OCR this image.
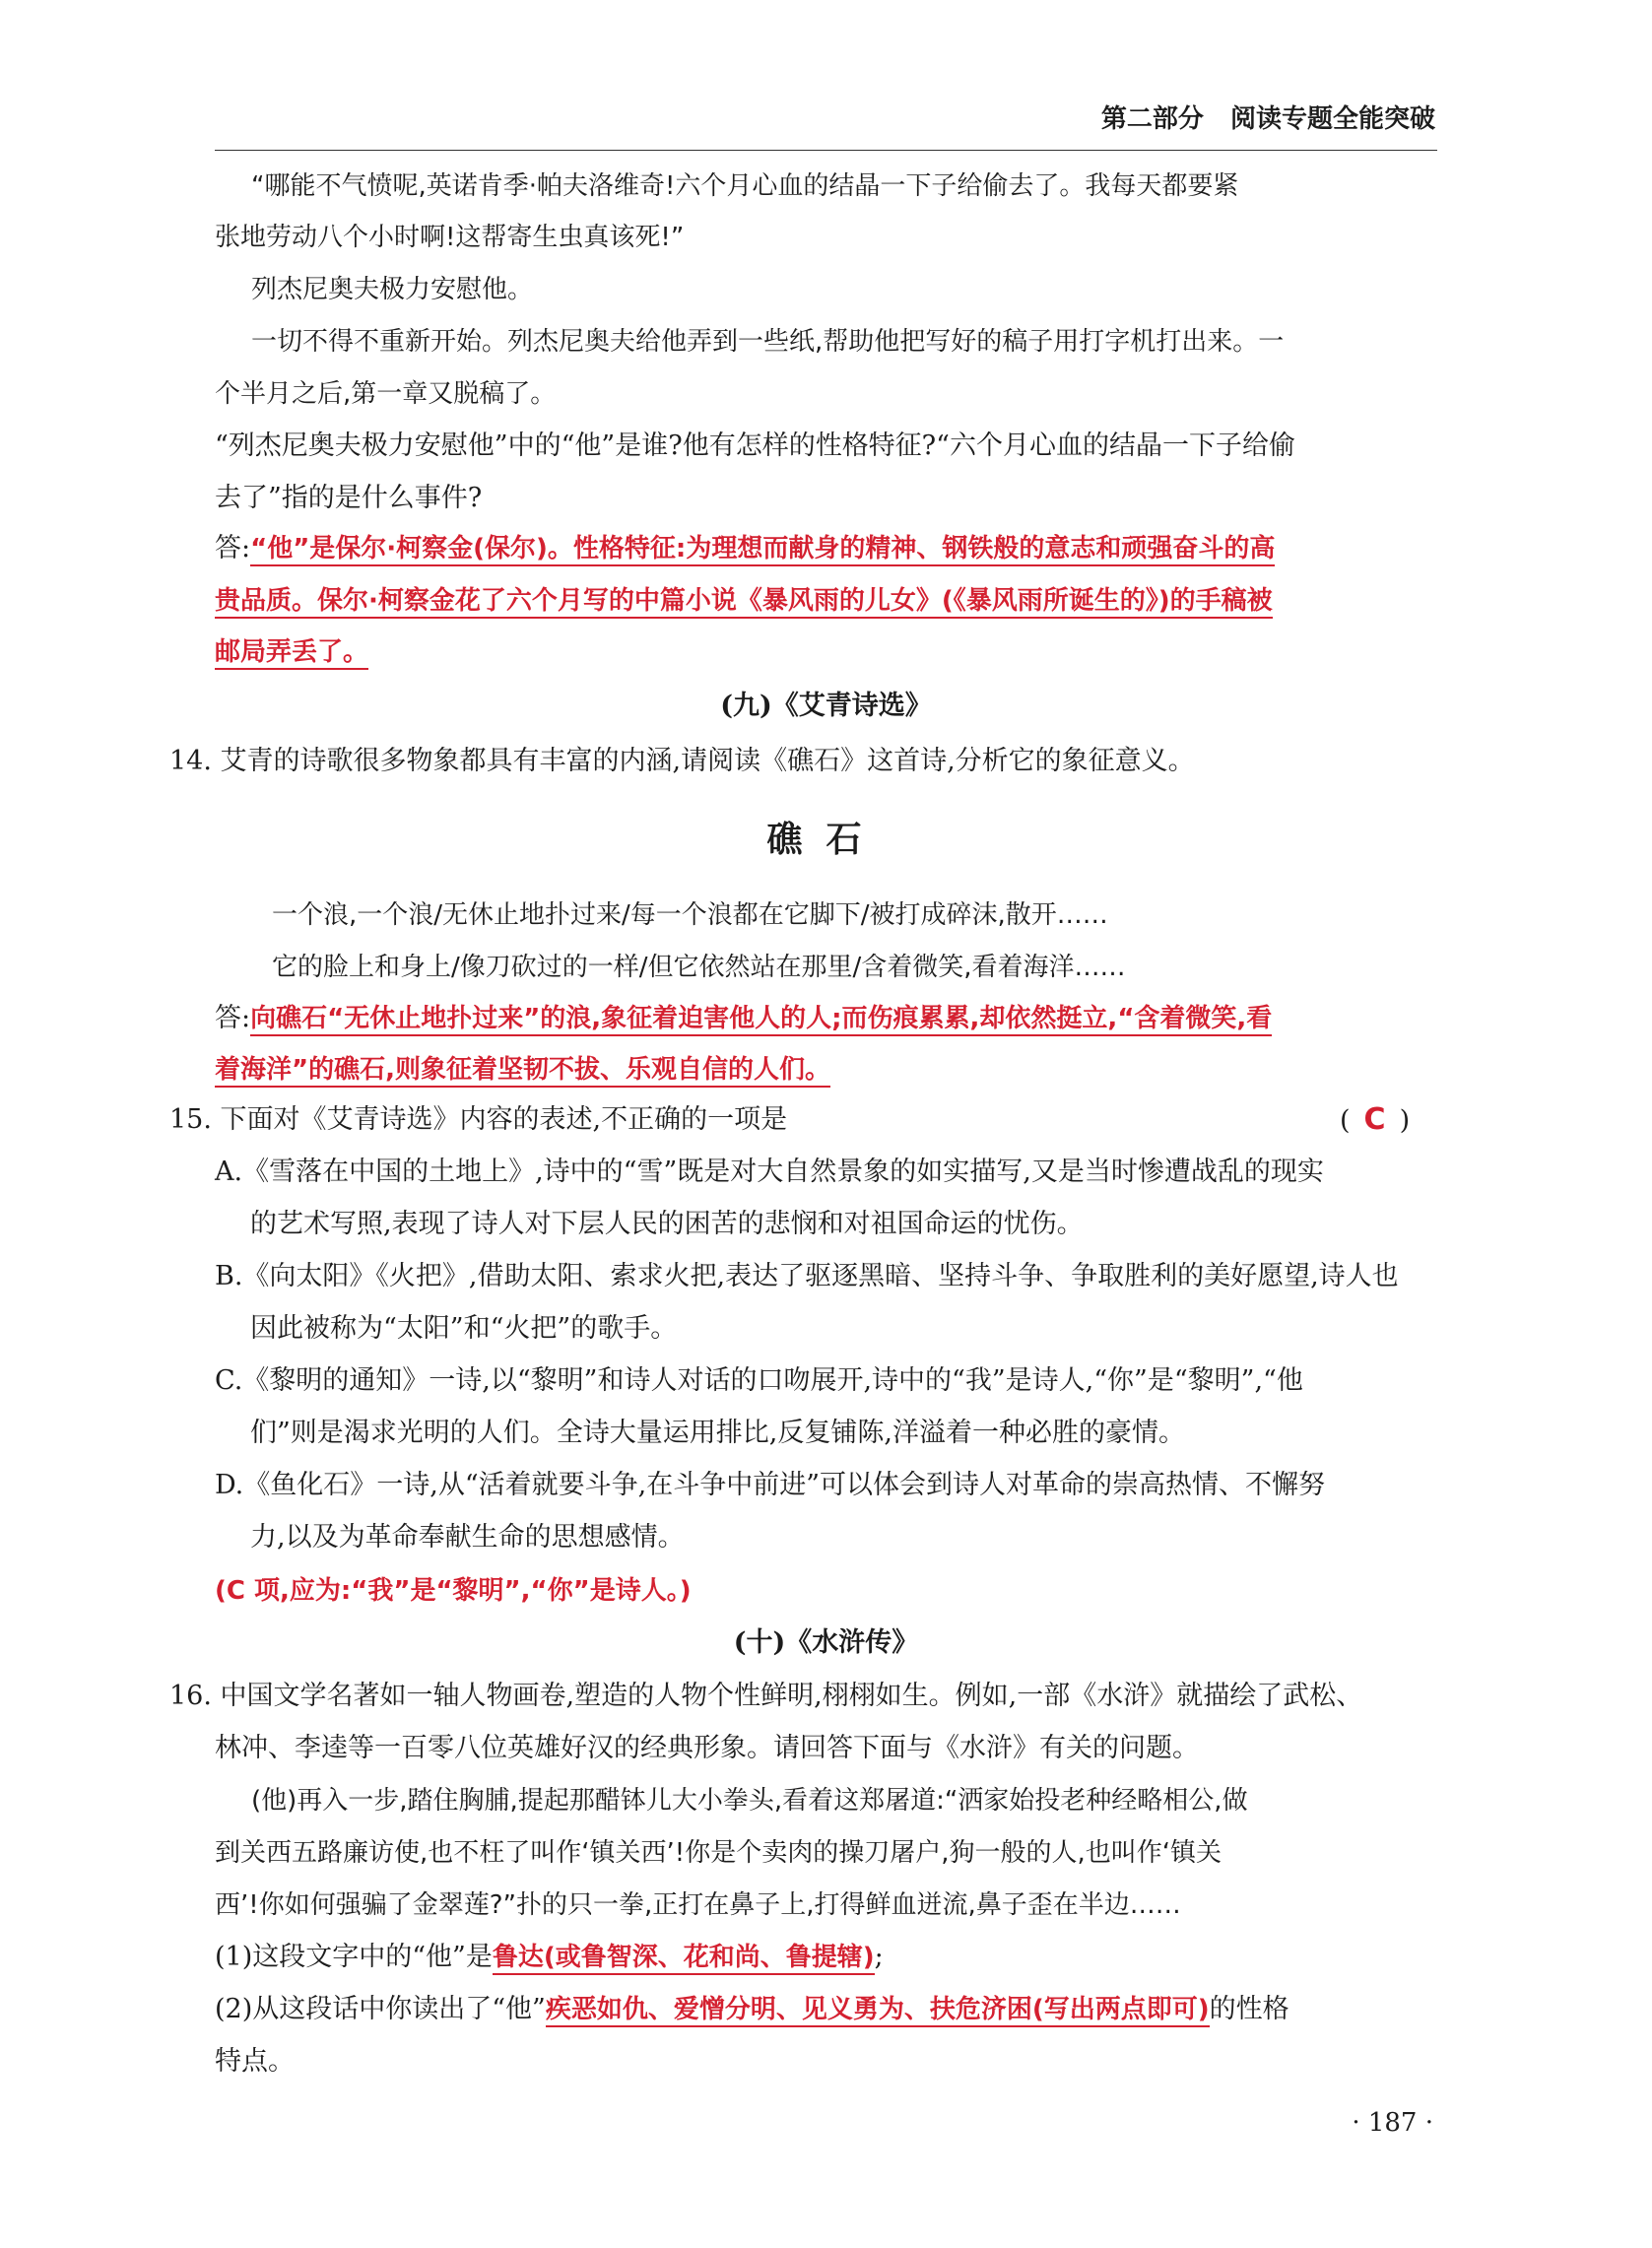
第二部分 阅读专题全能突破
“哪能不气愤呢,英诺肯季·帕夫洛维奇!六个月心血的结晶一下子给偷去了。我每天都要紧
张地劳动八个小时啊!这帮寄生虫真该死!”
列杰尼奥夫极力安慰他。
一切不得不重新开始。列杰尼奥夫给他弄到一些纸,帮助他把写好的稿子用打字机打出来。一
个半月之后,第一章又脱稿了。
“列杰尼奥夫极力安慰他”中的“他”是谁?他有怎样的性格特征?“六个月心血的结晶一下子给偷
去了”指的是什么事件?
答:“他”是保尔·柯察金(保尔)。性格特征:为理想而献身的精神、钢铁般的意志和顽强奋斗的高
贵品质。保尔·柯察金花了六个月写的中篇小说《暴风雨的儿女》(《暴风雨所诞生的》)的手稿被
邮局弄丢了。
(九)《艾青诗选》
14. 艾青的诗歌很多物象都具有丰富的内涵,请阅读《礁石》这首诗,分析它的象征意义。
礁石
一个浪,一个浪/无休止地扑过来/每一个浪都在它脚下/被打成碎沫,散开……
它的脸上和身上/像刀砍过的一样/但它依然站在那里/含着微笑,看着海洋……
答:向礁石“无休止地扑过来”的浪,象征着迫害他人的人;而伤痕累累,却依然挺立,“含着微笑,看
着海洋”的礁石,则象征着坚韧不拔、乐观自信的人们。
15. 下面对《艾青诗选》内容的表述,不正确的一项是	( C )
A.《雪落在中国的土地上》,诗中的“雪”既是对大自然景象的如实描写,又是当时惨遭战乱的现实
的艺术写照,表现了诗人对下层人民的困苦的悲悯和对祖国命运的忧伤。
B.《向太阳》《火把》,借助太阳、索求火把,表达了驱逐黑暗、坚持斗争、争取胜利的美好愿望,诗人也
因此被称为“太阳”和“火把”的歌手。
C.《黎明的通知》一诗,以“黎明”和诗人对话的口吻展开,诗中的“我”是诗人,“你”是“黎明”,“他
们”则是渴求光明的人们。全诗大量运用排比,反复铺陈,洋溢着一种必胜的豪情。
D.《鱼化石》一诗,从“活着就要斗争,在斗争中前进”可以体会到诗人对革命的崇高热情、不懈努
力,以及为革命奉献生命的思想感情。
(C 项,应为:“我”是“黎明”,“你”是诗人。)
(十)《水浒传》
16. 中国文学名著如一轴人物画卷,塑造的人物个性鲜明,栩栩如生。例如,一部《水浒》就描绘了武松、
林冲、李逵等一百零八位英雄好汉的经典形象。请回答下面与《水浒》有关的问题。
(他)再入一步,踏住胸脯,提起那醋钵儿大小拳头,看着这郑屠道:“洒家始投老种经略相公,做
到关西五路廉访使,也不枉了叫作‘镇关西’!你是个卖肉的操刀屠户,狗一般的人,也叫作‘镇关
西’!你如何强骗了金翠莲?”扑的只一拳,正打在鼻子上,打得鲜血迸流,鼻子歪在半边……
(1)这段文字中的“他”是鲁达(或鲁智深、花和尚、鲁提辖);
(2)从这段话中你读出了“他”疾恶如仇、爱憎分明、见义勇为、扶危济困(写出两点即可)的性格
特点。
· 187 ·
